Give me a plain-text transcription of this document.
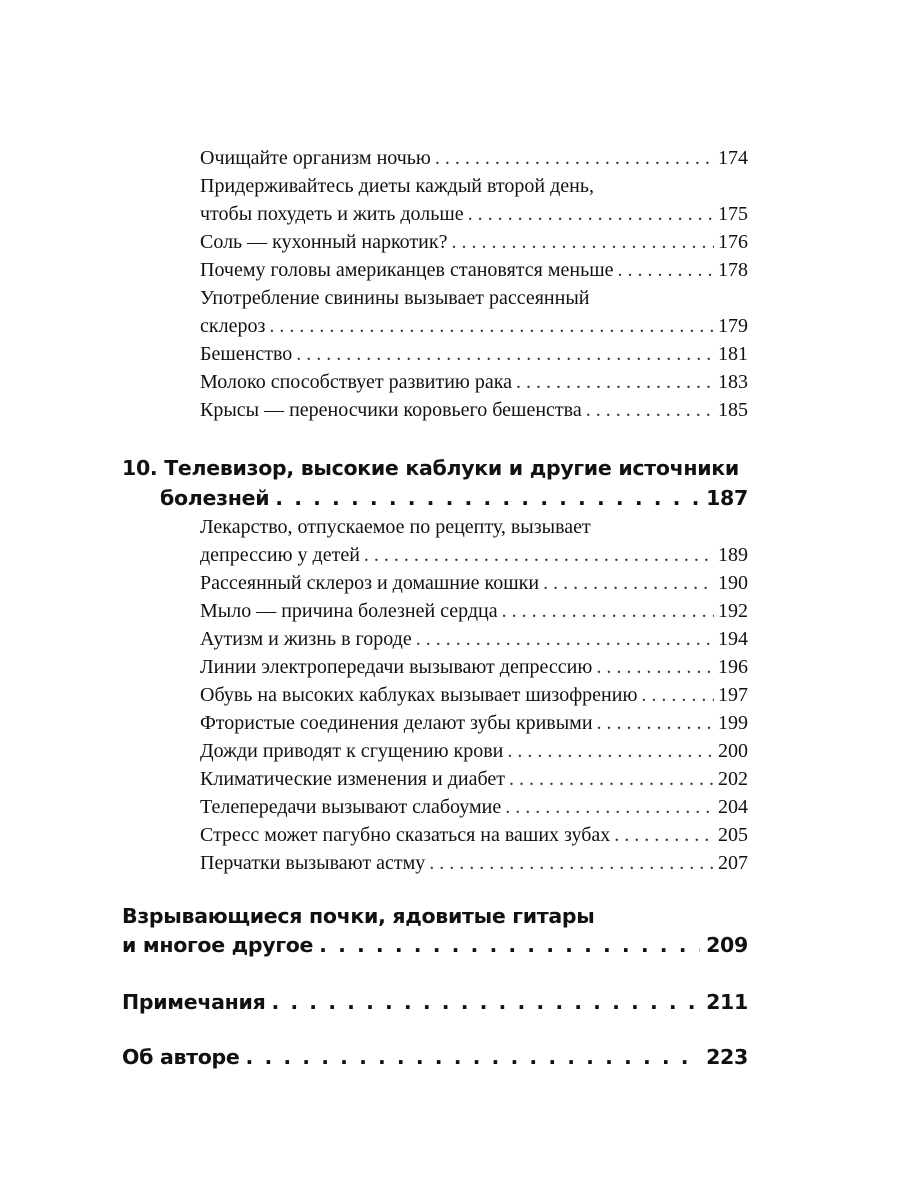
Очищайте организм ночью . . .	174
Придерживайтесь диеты каждый второй день,
чтобы похудеть и жить дольше . . .	175
Соль — кухонный наркотик? . . .	176
Почему головы американцев становятся меньше . . .	178
Употребление свинины вызывает рассеянный
склероз . . .	179
Бешенство . . .	181
Молоко способствует развитию рака . . .	183
Крысы — переносчики коровьего бешенства . . .	185
10. Телевизор, высокие каблуки и другие источники
болезней . . .	187
Лекарство, отпускаемое по рецепту, вызывает
депрессию у детей . . .	189
Рассеянный склероз и домашние кошки . . .	190
Мыло — причина болезней сердца . . .	192
Аутизм и жизнь в городе . . .	194
Линии электропередачи вызывают депрессию . . .	196
Обувь на высоких каблуках вызывает шизофрению . . .	197
Фтористые соединения делают зубы кривыми . . .	199
Дожди приводят к сгущению крови . . .	200
Климатические изменения и диабет . . .	202
Телепередачи вызывают слабоумие . . .	204
Стресс может пагубно сказаться на ваших зубах . . .	205
Перчатки вызывают астму . . .	207
Взрывающиеся почки, ядовитые гитары
и многое другое . . .	209
Примечания . . .	211
Об авторе . . .	223
